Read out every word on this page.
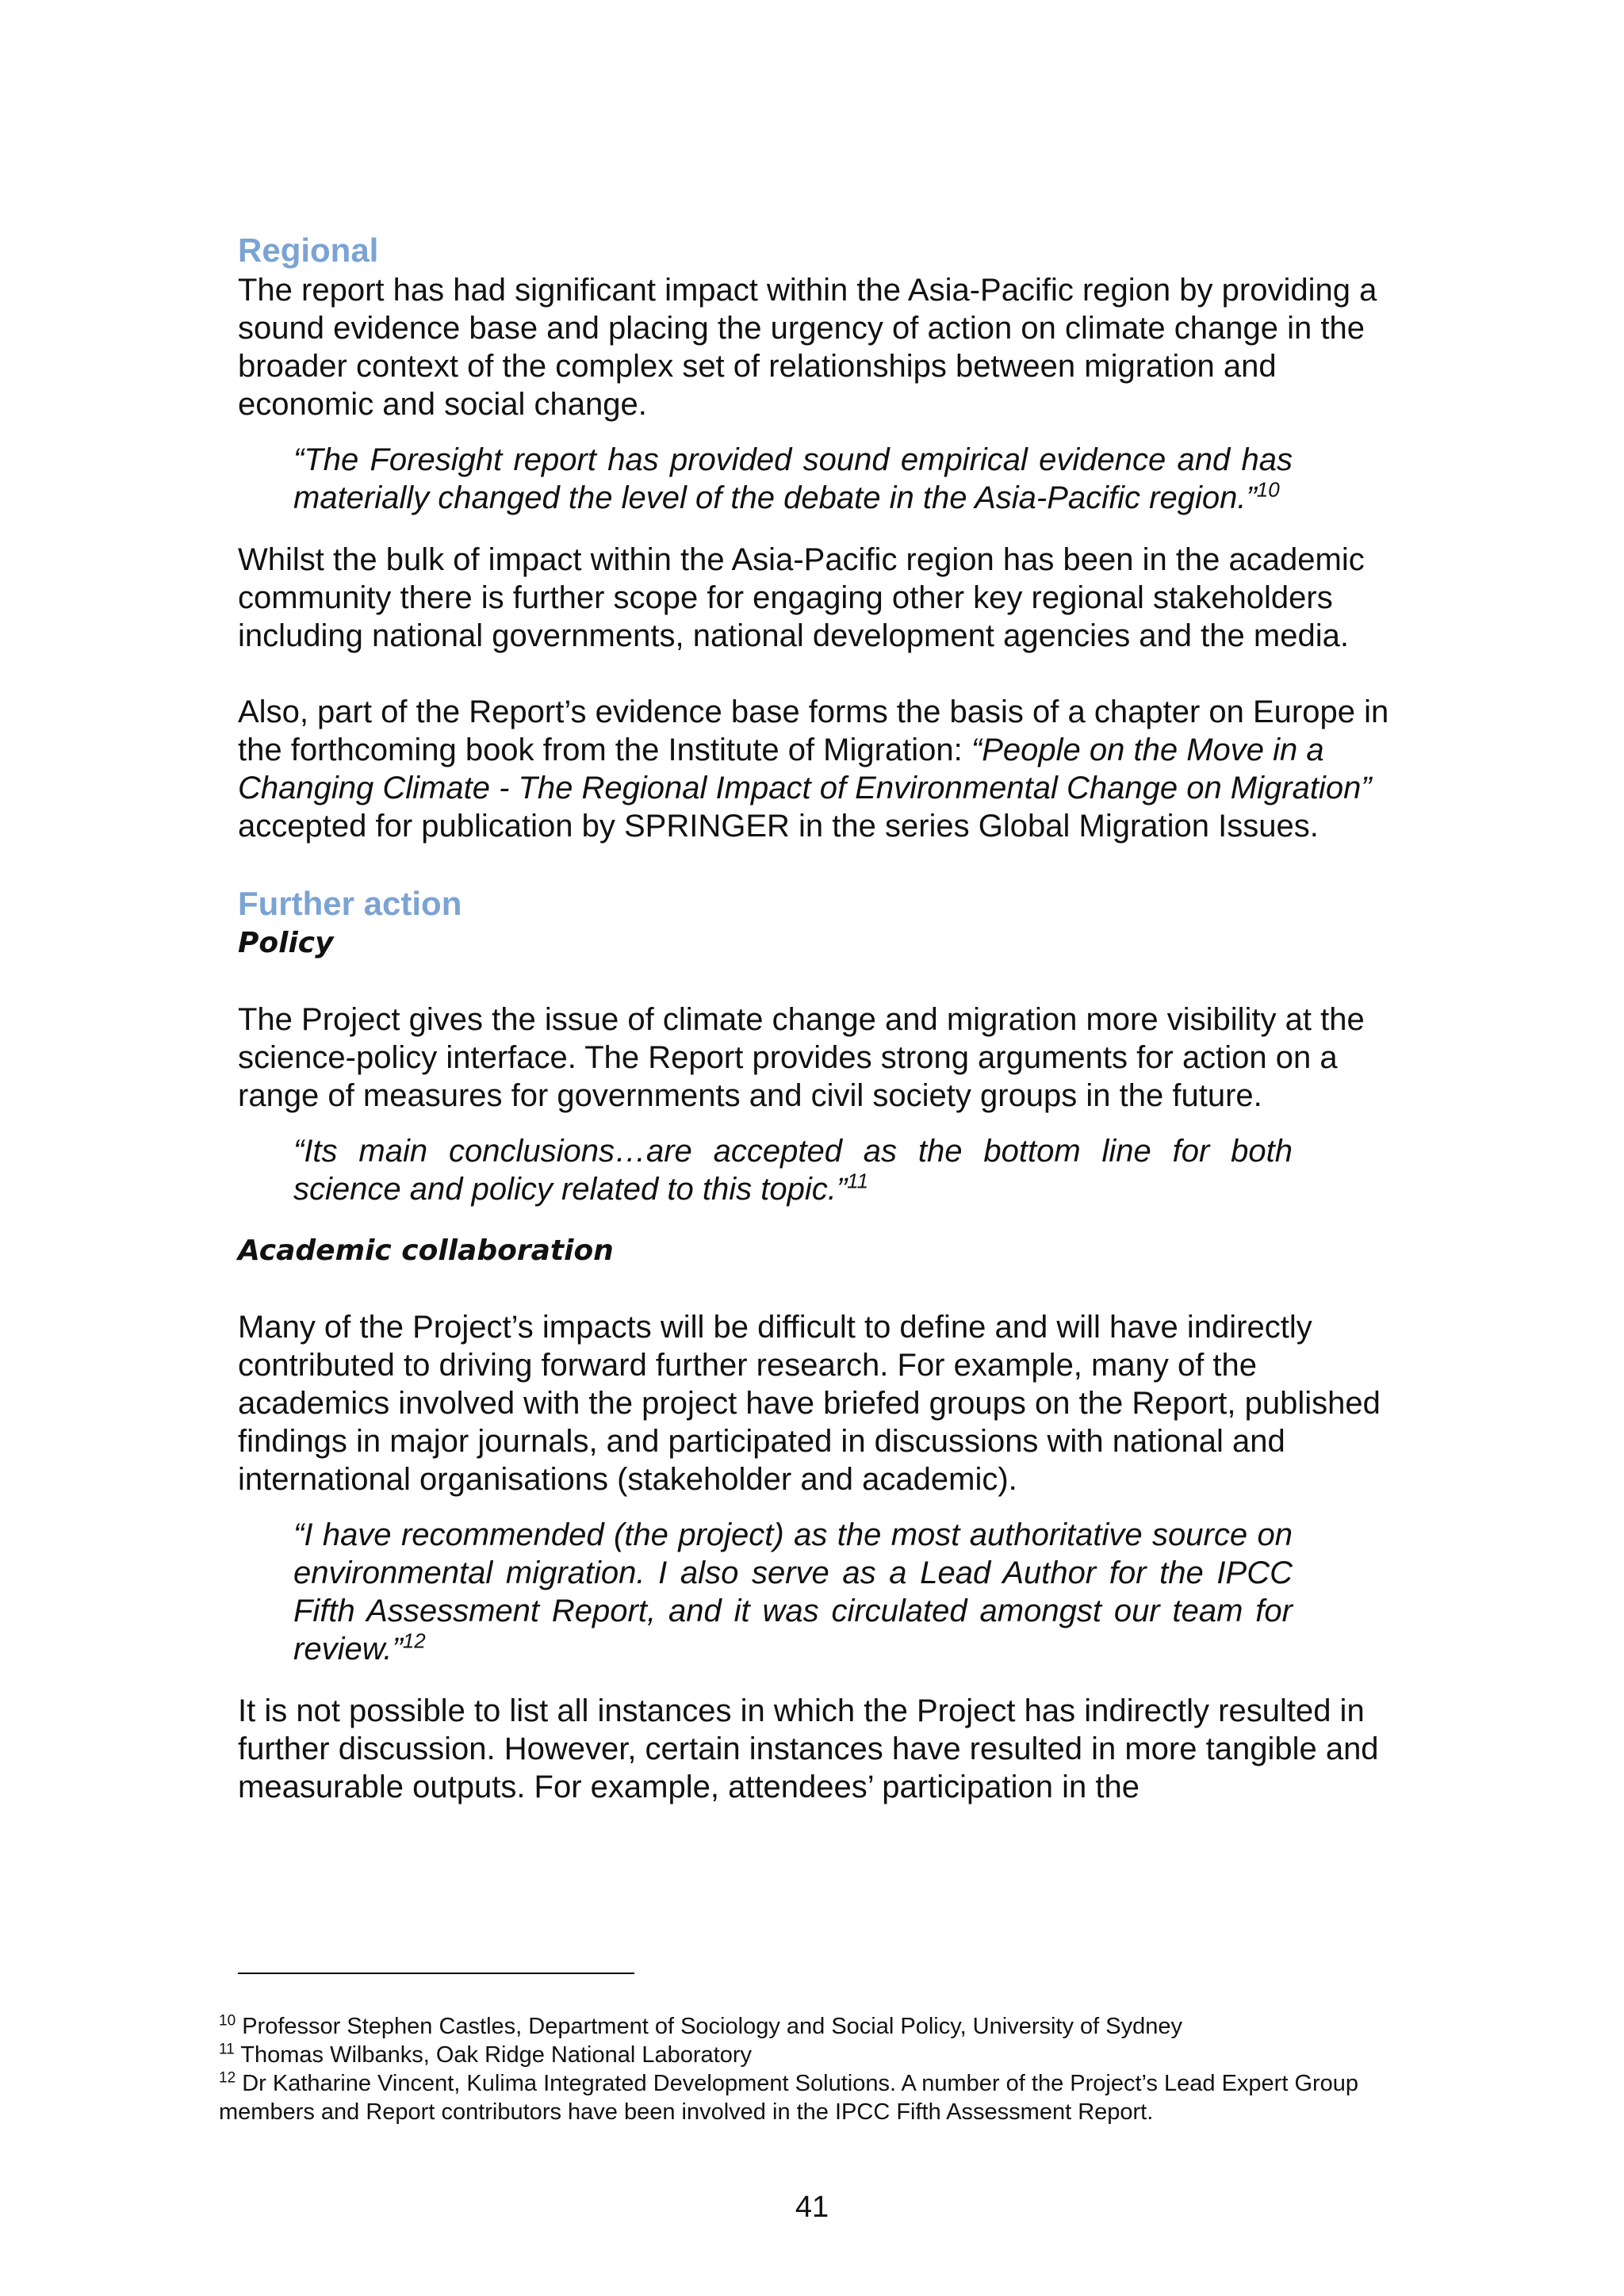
Regional

The report has had significant impact within the Asia-Pacific region by providing a sound evidence base and placing the urgency of action on climate change in the broader context of the complex set of relationships between migration and economic and social change.

“The Foresight report has provided sound empirical evidence and has materially changed the level of the debate in the Asia-Pacific region.”$^{10}$

Whilst the bulk of impact within the Asia-Pacific region has been in the academic community there is further scope for engaging other key regional stakeholders including national governments, national development agencies and the media.

Also, part of the Report’s evidence base forms the basis of a chapter on Europe in the forthcoming book from the Institute of Migration: “People on the Move in a Changing Climate - The Regional Impact of Environmental Change on Migration” accepted for publication by SPRINGER in the series Global Migration Issues.

Further action
Policy

The Project gives the issue of climate change and migration more visibility at the science-policy interface. The Report provides strong arguments for action on a range of measures for governments and civil society groups in the future.

“Its main conclusions…are accepted as the bottom line for both science and policy related to this topic.”$^{11}$

Academic collaboration

Many of the Project’s impacts will be difficult to define and will have indirectly contributed to driving forward further research. For example, many of the academics involved with the project have briefed groups on the Report, published findings in major journals, and participated in discussions with national and international organisations (stakeholder and academic).

“I have recommended (the project) as the most authoritative source on environmental migration. I also serve as a Lead Author for the IPCC Fifth Assessment Report, and it was circulated amongst our team for review.”$^{12}$

It is not possible to list all instances in which the Project has indirectly resulted in further discussion. However, certain instances have resulted in more tangible and measurable outputs. For example, attendees’ participation in the

$^{10}$ Professor Stephen Castles, Department of Sociology and Social Policy, University of Sydney

$^{11}$ Thomas Wilbanks, Oak Ridge National Laboratory

$^{12}$ Dr Katharine Vincent, Kulima Integrated Development Solutions. A number of the Project’s Lead Expert Group members and Report contributors have been involved in the IPCC Fifth Assessment Report.

41
